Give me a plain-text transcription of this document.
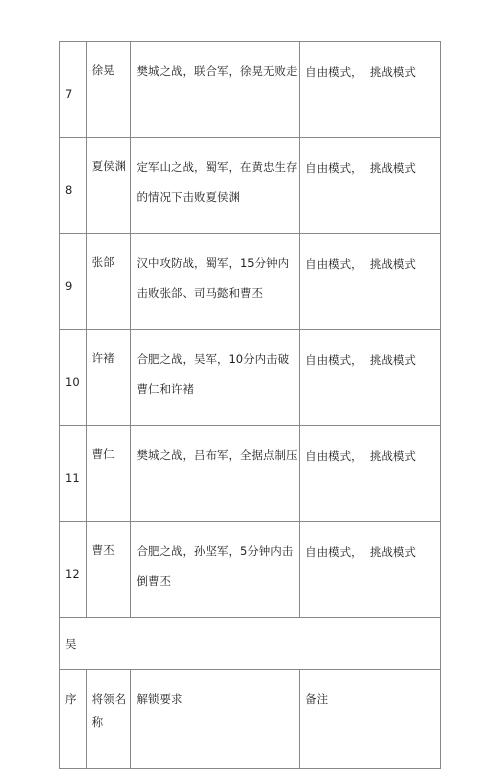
7	徐晃	樊城之战，联合军，徐晃无败走	自由模式，  挑战模式
8	夏侯渊	定军山之战，蜀军，在黄忠生存的情况下击败夏侯渊	自由模式，  挑战模式
9	张郃	汉中攻防战，蜀军，15分钟内击败张郃、司马懿和曹丕	自由模式，  挑战模式
10	许褚	合肥之战，吴军，10分内击破曹仁和许褚	自由模式，  挑战模式
11	曹仁	樊城之战，吕布军，全据点制压	自由模式，  挑战模式
12	曹丕	合肥之战，孙坚军，5分钟内击倒曹丕	自由模式，  挑战模式
吴			
序	将领名称	解锁要求	备注
